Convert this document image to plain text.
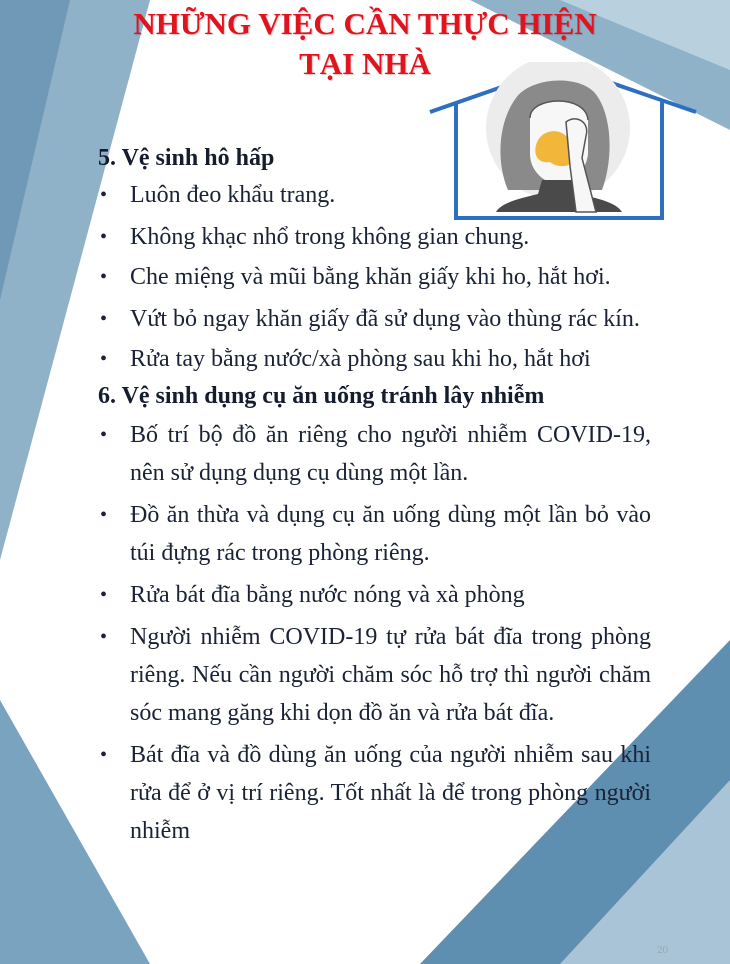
NHỮNG VIỆC CẦN THỰC HIỆN
TẠI NHÀ

5. Vệ sinh hô hấp

• Luôn đeo khẩu trang.
• Không khạc nhổ trong không gian chung.
• Che miệng và mũi bằng khăn giấy khi ho, hắt hơi.
• Vứt bỏ ngay khăn giấy đã sử dụng vào thùng rác kín.
• Rửa tay bằng nước/xà phòng sau khi ho, hắt hơi

6. Vệ sinh dụng cụ ăn uống tránh lây nhiễm

• Bố trí bộ đồ ăn riêng cho người nhiễm COVID-19, nên sử dụng dụng cụ dùng một lần.
• Đồ ăn thừa và dụng cụ ăn uống dùng một lần bỏ vào túi đựng rác trong phòng riêng.
• Rửa bát đĩa bằng nước nóng và xà phòng
• Người nhiễm COVID-19 tự rửa bát đĩa trong phòng riêng. Nếu cần người chăm sóc hỗ trợ thì người chăm sóc mang găng khi dọn đồ ăn và rửa bát đĩa.
• Bát đĩa và đồ dùng ăn uống của người nhiễm sau khi rửa để ở vị trí riêng. Tốt nhất là để trong phòng người nhiễm
20
